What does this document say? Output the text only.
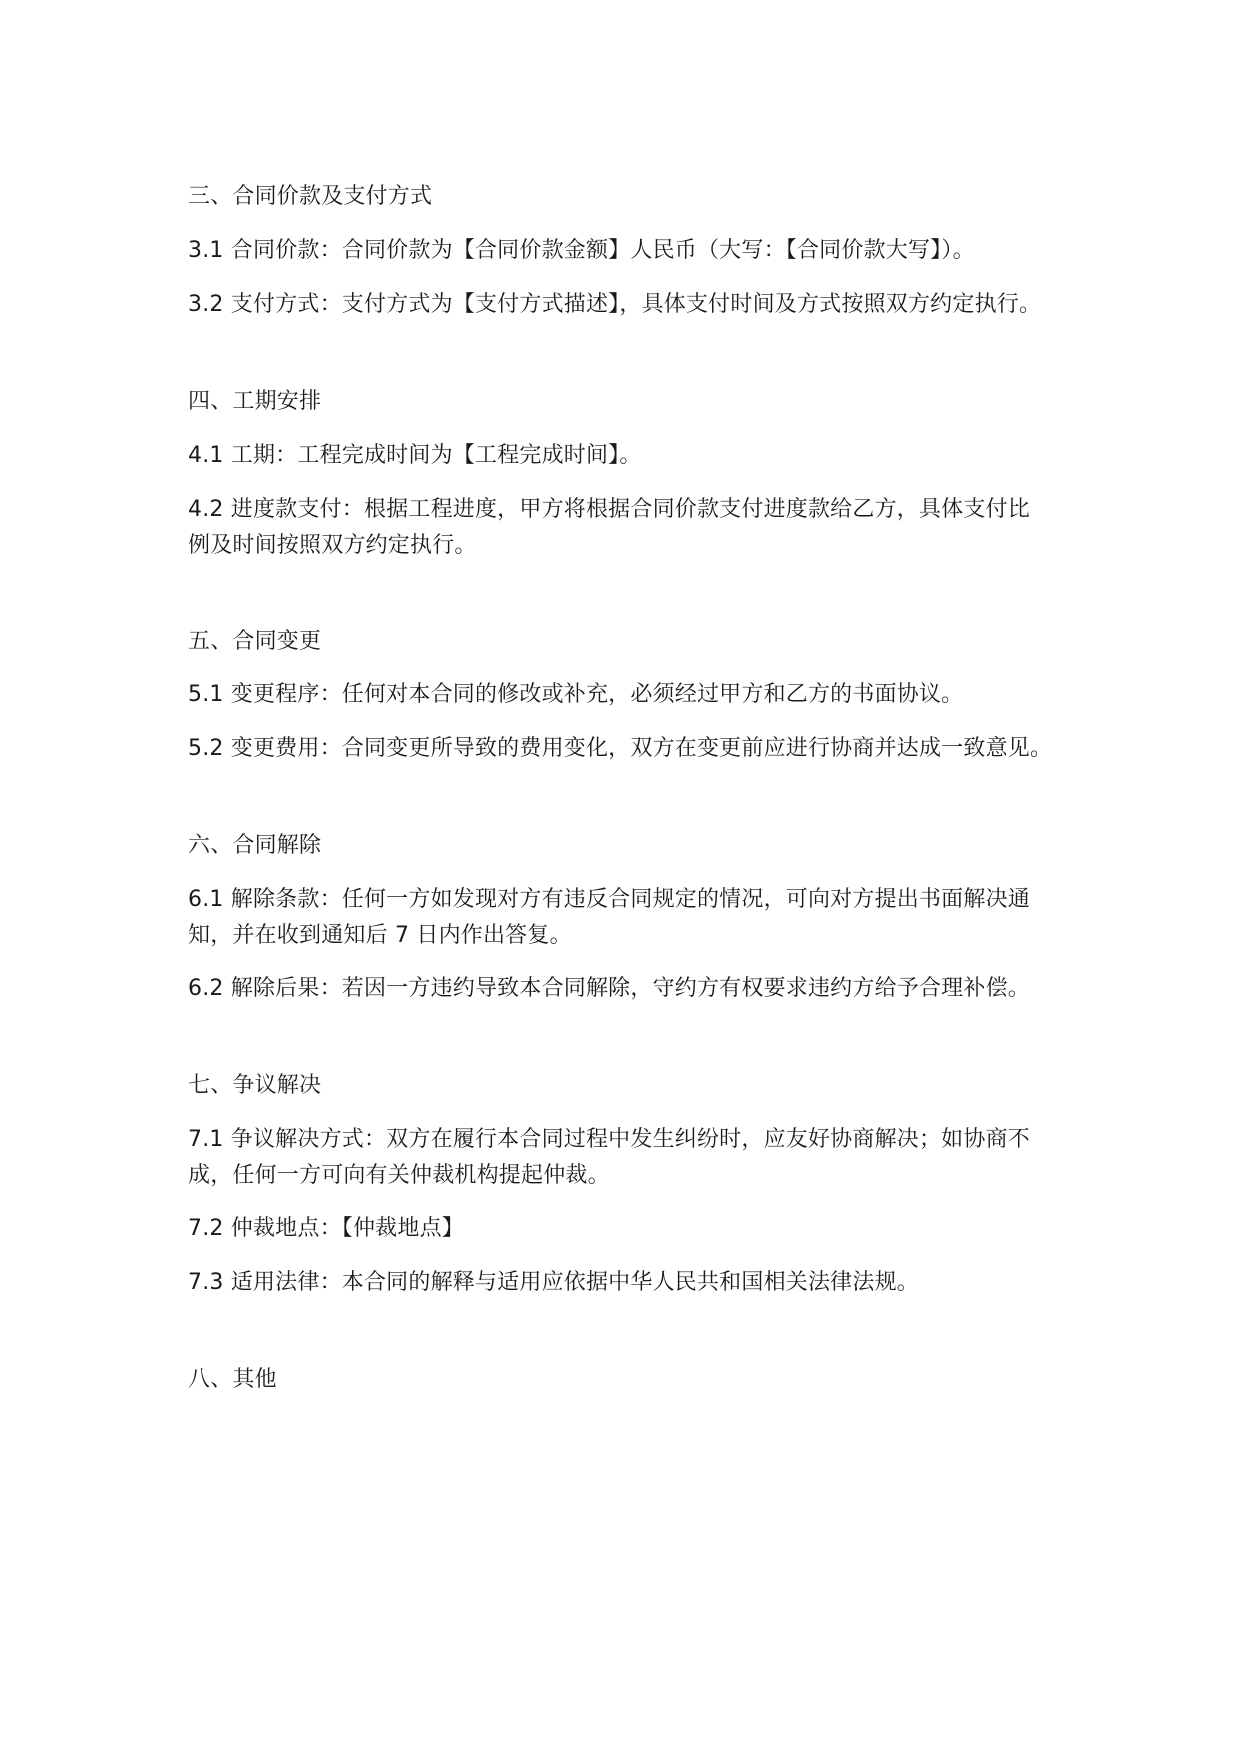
三、合同价款及支付方式
3.1 合同价款：合同价款为【合同价款金额】人民币（大写：【合同价款大写】）。
3.2 支付方式：支付方式为【支付方式描述】，具体支付时间及方式按照双方约定执行。
四、工期安排
4.1 工期：工程完成时间为【工程完成时间】。
4.2 进度款支付：根据工程进度，甲方将根据合同价款支付进度款给乙方，具体支付比
例及时间按照双方约定执行。
五、合同变更
5.1 变更程序：任何对本合同的修改或补充，必须经过甲方和乙方的书面协议。
5.2 变更费用：合同变更所导致的费用变化，双方在变更前应进行协商并达成一致意见。
六、合同解除
6.1 解除条款：任何一方如发现对方有违反合同规定的情况，可向对方提出书面解决通
知，并在收到通知后 7 日内作出答复。
6.2 解除后果：若因一方违约导致本合同解除，守约方有权要求违约方给予合理补偿。
七、争议解决
7.1 争议解决方式：双方在履行本合同过程中发生纠纷时，应友好协商解决；如协商不
成，任何一方可向有关仲裁机构提起仲裁。
7.2 仲裁地点：【仲裁地点】
7.3 适用法律：本合同的解释与适用应依据中华人民共和国相关法律法规。
八、其他
